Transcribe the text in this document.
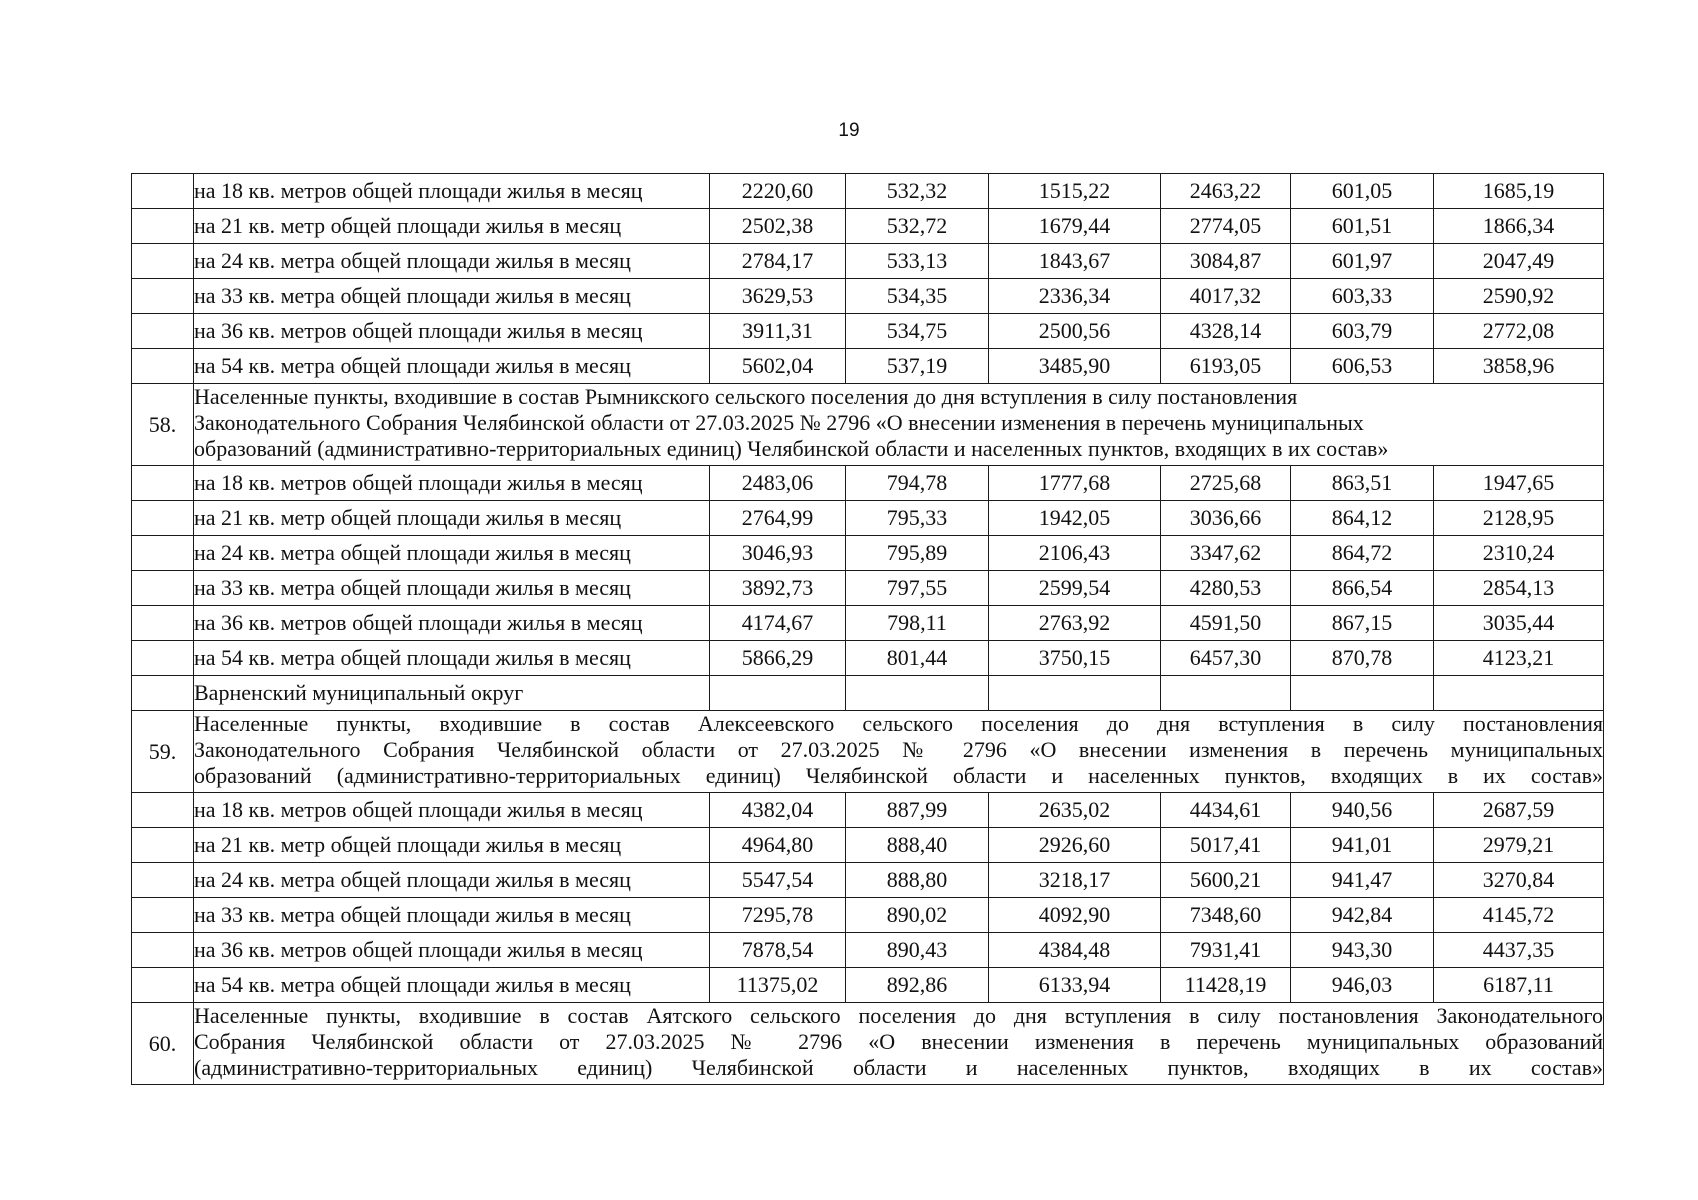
19
	на 18 кв. метров общей площади жилья в месяц	2220,60	532,32	1515,22	2463,22	601,05	1685,19
	на 21 кв. метр общей площади жилья в месяц	2502,38	532,72	1679,44	2774,05	601,51	1866,34
	на 24 кв. метра общей площади жилья в месяц	2784,17	533,13	1843,67	3084,87	601,97	2047,49
	на 33 кв. метра общей площади жилья в месяц	3629,53	534,35	2336,34	4017,32	603,33	2590,92
	на 36 кв. метров общей площади жилья в месяц	3911,31	534,75	2500,56	4328,14	603,79	2772,08
	на 54 кв. метра общей площади жилья в месяц	5602,04	537,19	3485,90	6193,05	606,53	3858,96
58.	Населенные пункты, входившие в состав Рымникского сельского поселения до дня вступления в силу постановления
Законодательного Собрания Челябинской области от 27.03.2025 № 2796 «О внесении изменения в перечень муниципальных
образований (административно-территориальных единиц) Челябинской области и населенных пунктов, входящих в их состав»						

	на 18 кв. метров общей площади жилья в месяц	2483,06	794,78	1777,68	2725,68	863,51	1947,65
	на 21 кв. метр общей площади жилья в месяц	2764,99	795,33	1942,05	3036,66	864,12	2128,95
	на 24 кв. метра общей площади жилья в месяц	3046,93	795,89	2106,43	3347,62	864,72	2310,24
	на 33 кв. метра общей площади жилья в месяц	3892,73	797,55	2599,54	4280,53	866,54	2854,13
	на 36 кв. метров общей площади жилья в месяц	4174,67	798,11	2763,92	4591,50	867,15	3035,44
	на 54 кв. метра общей площади жилья в месяц	5866,29	801,44	3750,15	6457,30	870,78	4123,21
	Варненский муниципальный округ						
59.	Населенные пункты, входившие в состав Алексеевского сельского поселения до дня вступления в силу постановления
Законодательного Собрания Челябинской области от 27.03.2025 № 2796 «О внесении изменения в перечень муниципальных
образований (административно-территориальных единиц) Челябинской области и населенных пунктов, входящих в их состав»						

	на 18 кв. метров общей площади жилья в месяц	4382,04	887,99	2635,02	4434,61	940,56	2687,59
	на 21 кв. метр общей площади жилья в месяц	4964,80	888,40	2926,60	5017,41	941,01	2979,21
	на 24 кв. метра общей площади жилья в месяц	5547,54	888,80	3218,17	5600,21	941,47	3270,84
	на 33 кв. метра общей площади жилья в месяц	7295,78	890,02	4092,90	7348,60	942,84	4145,72
	на 36 кв. метров общей площади жилья в месяц	7878,54	890,43	4384,48	7931,41	943,30	4437,35
	на 54 кв. метра общей площади жилья в месяц	11375,02	892,86	6133,94	11428,19	946,03	6187,11
60.	Населенные пункты, входившие в состав Аятского сельского поселения до дня вступления в силу постановления Законодательного
Собрания Челябинской области от 27.03.2025 № 2796 «О внесении изменения в перечень муниципальных образований
(административно-территориальных единиц) Челябинской области и населенных пунктов, входящих в их состав»						
